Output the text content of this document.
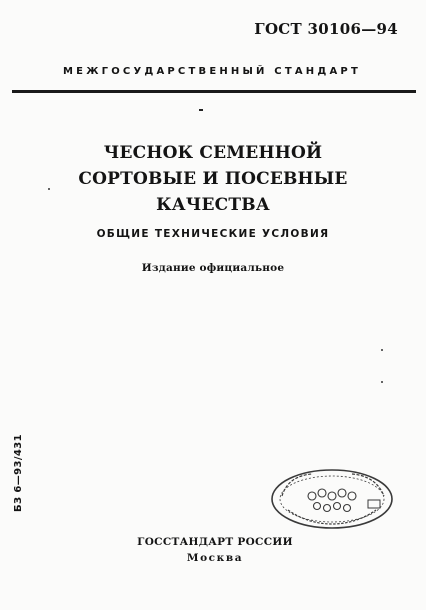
ГОСТ 30106—94
МЕЖГОСУДАРСТВЕННЫЙ СТАНДАРТ
ЧЕСНОК СЕМЕННОЙ
СОРТОВЫЕ И ПОСЕВНЫЕ КАЧЕСТВА
ОБЩИЕ ТЕХНИЧЕСКИЕ УСЛОВИЯ
Издание официальное
БЗ 6—93/431
ГОССТАНДАРТ РОССИИ
Москва
